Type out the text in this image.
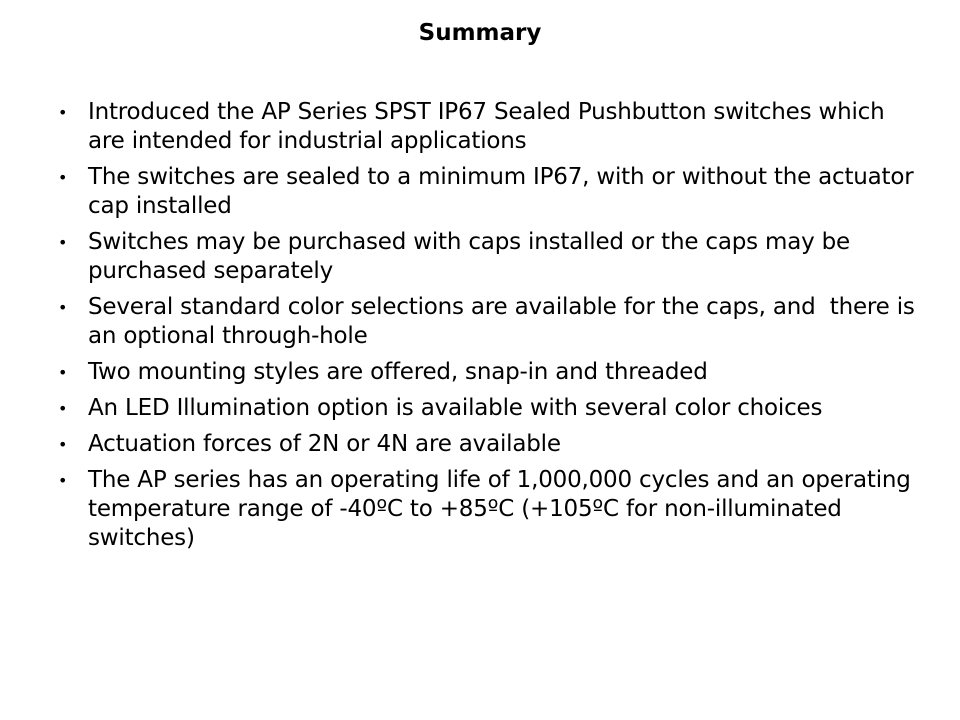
Summary
• Introduced the AP Series SPST IP67 Sealed Pushbutton switches which are intended for industrial applications
• The switches are sealed to a minimum IP67, with or without the actuator cap installed
• Switches may be purchased with caps installed or the caps may be purchased separately
• Several standard color selections are available for the caps, and  there is an optional through-hole
• Two mounting styles are offered, snap-in and threaded
• An LED Illumination option is available with several color choices
• Actuation forces of 2N or 4N are available
• The AP series has an operating life of 1,000,000 cycles and an operating temperature range of -40ºC to +85ºC (+105ºC for non-illuminated switches)
